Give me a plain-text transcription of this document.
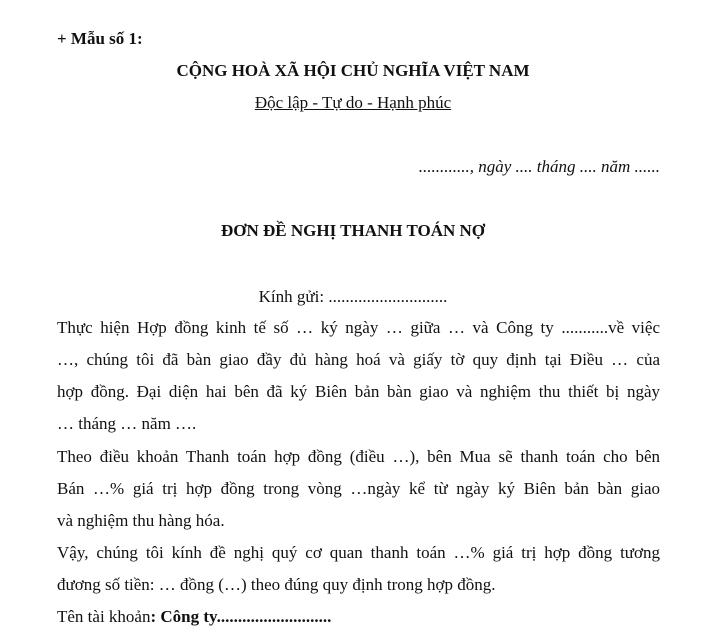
+ Mẫu số 1:
CỘNG HOÀ XÃ HỘI CHỦ NGHĨA VIỆT NAM
Độc lập - Tự do - Hạnh phúc
............, ngày .... tháng .... năm ......
ĐƠN ĐỀ NGHỊ THANH TOÁN NỢ
Kính gửi: ............................
Thực hiện Hợp đồng kinh tế số … ký ngày … giữa … và Công ty ...........về việc
…, chúng tôi đã bàn giao đầy đủ hàng hoá và giấy tờ quy định tại Điều … của
hợp đồng. Đại diện hai bên đã ký Biên bản bàn giao và nghiệm thu thiết bị ngày
… tháng … năm ….
Theo điều khoản Thanh toán hợp đồng (điều …), bên Mua sẽ thanh toán cho bên
Bán …% giá trị hợp đồng trong vòng …ngày kể từ ngày ký Biên bản bàn giao
và nghiệm thu hàng hóa.
Vậy, chúng tôi kính đề nghị quý cơ quan thanh toán …% giá trị hợp đồng tương
đương số tiền: … đồng (…) theo đúng quy định trong hợp đồng.
Tên tài khoản: Công ty...........................
